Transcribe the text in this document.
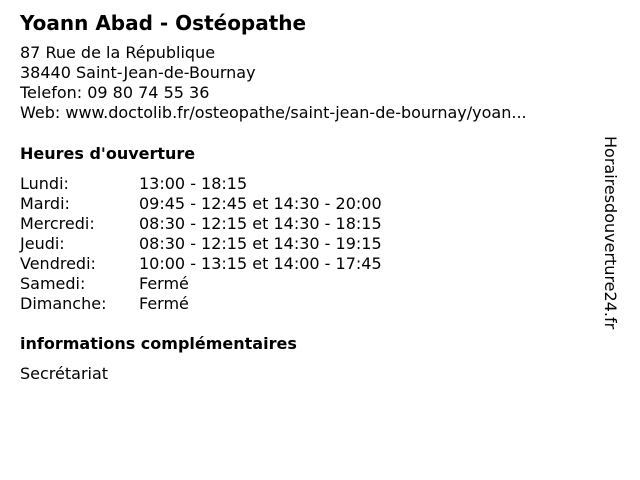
Yoann Abad - Ostéopathe
87 Rue de la République
38440 Saint-Jean-de-Bournay
Telefon: 09 80 74 55 36
Web: www.doctolib.fr/osteopathe/saint-jean-de-bournay/yoan...
Heures d'ouverture
Lundi:	13:00 - 18:15
Mardi:	09:45 - 12:45 et 14:30 - 20:00
Mercredi:	08:30 - 12:15 et 14:30 - 18:15
Jeudi:	08:30 - 12:15 et 14:30 - 19:15
Vendredi:	10:00 - 13:15 et 14:00 - 17:45
Samedi:	Fermé
Dimanche: Fermé
informations complémentaires
Secrétariat
Horairesdouverture24.fr
